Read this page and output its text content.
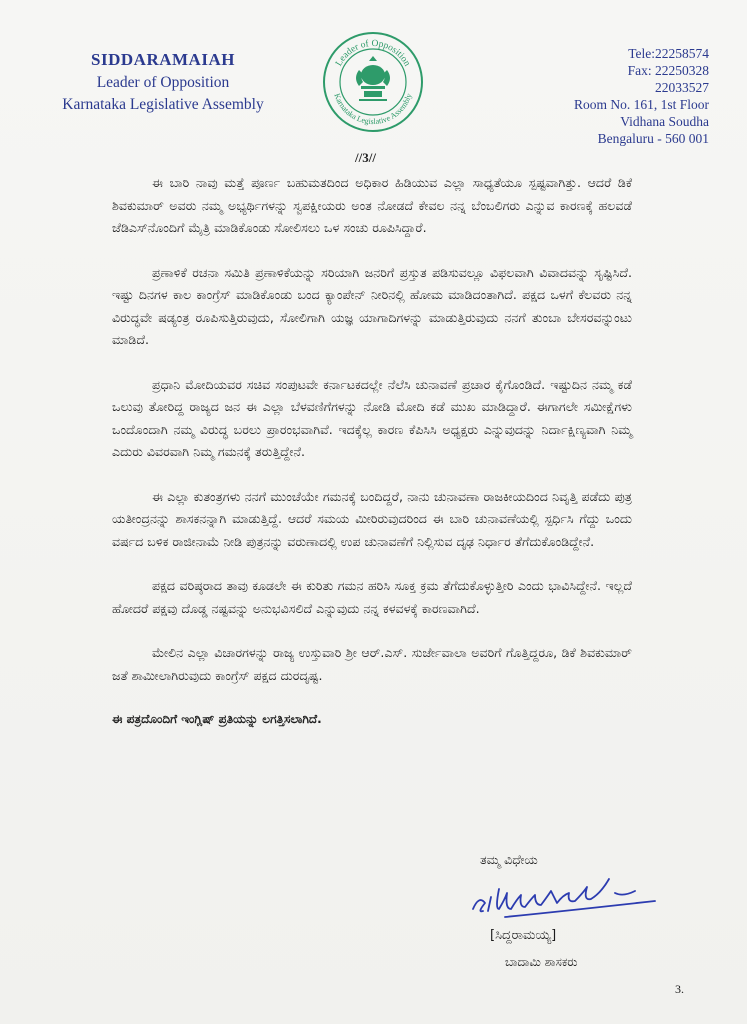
SIDDARAMAIAH
Leader of Opposition
Karnataka Legislative Assembly
Leader of Opposition
Karnataka Legislative Assembly
Tele:22258574
Fax: 22250328
22033527
Room No. 161, 1st Floor
Vidhana Soudha
Bengaluru - 560 001
//3//

ಈ ಬಾರಿ ನಾವು ಮತ್ತೆ ಪೂರ್ಣ ಬಹುಮತದಿಂದ ಅಧಿಕಾರ ಹಿಡಿಯುವ ಎಲ್ಲಾ ಸಾಧ್ಯತೆಯೂ ಸ್ಪಷ್ಟವಾಗಿತ್ತು. ಆದರೆ ಡಿಕೆ ಶಿವಕುಮಾರ್ ಅವರು ನಮ್ಮ ಅಭ್ಯರ್ಥಿಗಳನ್ನು ಸ್ವಪಕ್ಷೀಯರು ಅಂತ ನೋಡದೆ ಕೇವಲ ನನ್ನ ಬೆಂಬಲಿಗರು ಎನ್ನುವ ಕಾರಣಕ್ಕೆ ಹಲವಡೆ ಜೆಡಿಎಸ್‌ನೊಂದಿಗೆ ಮೈತ್ರಿ ಮಾಡಿಕೊಂಡು ಸೋಲಿಸಲು ಒಳ ಸಂಚು ರೂಪಿಸಿದ್ದಾರೆ.

ಪ್ರಣಾಳಿಕೆ ರಚನಾ ಸಮಿತಿ ಪ್ರಣಾಳಿಕೆಯನ್ನು ಸರಿಯಾಗಿ ಜನರಿಗೆ ಪ್ರಸ್ತುತ ಪಡಿಸುವಲ್ಲೂ ವಿಫಲವಾಗಿ ವಿವಾದವನ್ನು ಸೃಷ್ಟಿಸಿದೆ. ಇಷ್ಟು ದಿನಗಳ ಕಾಲ ಕಾಂಗ್ರೆಸ್ ಮಾಡಿಕೊಂಡು ಬಂದ ಕ್ಯಾಂಪೇನ್ ನೀರಿನಲ್ಲಿ ಹೋಮ ಮಾಡಿದಂತಾಗಿದೆ. ಪಕ್ಷದ ಒಳಗೆ ಕೆಲವರು ನನ್ನ ವಿರುದ್ಧವೇ ಷಡ್ಯಂತ್ರ ರೂಪಿಸುತ್ತಿರುವುದು, ಸೋಲಿಗಾಗಿ ಯಜ್ಞ ಯಾಗಾದಿಗಳನ್ನು ಮಾಡುತ್ತಿರುವುದು ನನಗೆ ತುಂಬಾ ಬೇಸರವನ್ನುಂಟು ಮಾಡಿದೆ.

ಪ್ರಧಾನಿ ಮೋದಿಯವರ ಸಚಿವ ಸಂಪುಟವೇ ಕರ್ನಾಟಕದಲ್ಲೇ ನೆಲೆಸಿ ಚುನಾವಣೆ ಪ್ರಚಾರ ಕೈಗೊಂಡಿದೆ. ಇಷ್ಟುದಿನ ನಮ್ಮ ಕಡೆ ಒಲುವು ತೋರಿದ್ದ ರಾಜ್ಯದ ಜನ ಈ ಎಲ್ಲಾ ಬೆಳವಣಿಗೆಗಳನ್ನು ನೋಡಿ ಮೋದಿ ಕಡೆ ಮುಖ ಮಾಡಿದ್ದಾರೆ. ಈಗಾಗಲೇ ಸಮೀಕ್ಷೆಗಳು ಒಂದೊಂದಾಗಿ ನಮ್ಮ ವಿರುದ್ಧ ಬರಲು ಪ್ರಾರಂಭವಾಗಿವೆ. ಇದಕ್ಕೆಲ್ಲ ಕಾರಣ ಕೆಪಿಸಿಸಿ ಅಧ್ಯಕ್ಷರು ಎನ್ನುವುದನ್ನು ನಿರ್ದಾಕ್ಷಿಣ್ಯವಾಗಿ ನಿಮ್ಮ ಎದುರು ವಿವರವಾಗಿ ನಿಮ್ಮ ಗಮನಕ್ಕೆ ತರುತ್ತಿದ್ದೇನೆ.

ಈ ಎಲ್ಲಾ ಕುತಂತ್ರಗಳು ನನಗೆ ಮುಂಚೆಯೇ ಗಮನಕ್ಕೆ ಬಂದಿದ್ದರೆ, ನಾನು ಚುನಾವಣಾ ರಾಜಕೀಯದಿಂದ ನಿವೃತ್ತಿ ಪಡೆದು ಪುತ್ರ ಯತೀಂದ್ರನನ್ನು ಶಾಸಕನನ್ನಾಗಿ ಮಾಡುತ್ತಿದ್ದೆ. ಆದರೆ ಸಮಯ ಮೀರಿರುವುದರಿಂದ ಈ ಬಾರಿ ಚುನಾವಣೆಯಲ್ಲಿ ಸ್ಪರ್ಧಿಸಿ ಗೆದ್ದು ಒಂದು ವರ್ಷದ ಬಳಿಕ ರಾಜೀನಾಮೆ ನೀಡಿ ಪುತ್ರನನ್ನು ವರುಣಾದಲ್ಲಿ ಉಪ ಚುನಾವಣೆಗೆ ನಿಲ್ಲಿಸುವ ದೃಢ ನಿರ್ಧಾರ ತೆಗೆದುಕೊಂಡಿದ್ದೇನೆ.

ಪಕ್ಷದ ವರಿಷ್ಠರಾದ ತಾವು ಕೂಡಲೇ ಈ ಕುರಿತು ಗಮನ ಹರಿಸಿ ಸೂಕ್ತ ಕ್ರಮ ತೆಗೆದುಕೊಳ್ಳುತ್ತೀರಿ ಎಂದು ಭಾವಿಸಿದ್ದೇನೆ. ಇಲ್ಲದೆ ಹೋದರೆ ಪಕ್ಷವು ದೊಡ್ಡ ನಷ್ಟವನ್ನು ಅನುಭವಿಸಲಿದೆ ಎನ್ನುವುದು ನನ್ನ ಕಳವಳಕ್ಕೆ ಕಾರಣವಾಗಿದೆ.

ಮೇಲಿನ ಎಲ್ಲಾ ವಿಚಾರಗಳನ್ನು ರಾಜ್ಯ ಉಸ್ತುವಾರಿ ಶ್ರೀ ಆರ್.ಎಸ್. ಸುರ್ಜೇವಾಲಾ ಅವರಿಗೆ ಗೊತ್ತಿದ್ದರೂ, ಡಿಕೆ ಶಿವಕುಮಾರ್ ಜತೆ ಶಾಮೀಲಾಗಿರುವುದು ಕಾಂಗ್ರೆಸ್ ಪಕ್ಷದ ದುರದೃಷ್ಟ.

ಈ ಪತ್ರದೊಂದಿಗೆ ಇಂಗ್ಲಿಷ್ ಪ್ರತಿಯನ್ನು ಲಗತ್ತಿಸಲಾಗಿದೆ.
ತಮ್ಮ ವಿಧೇಯ
[ಸಿದ್ದರಾಮಯ್ಯ]
ಬಾದಾಮಿ ಶಾಸಕರು
3.
